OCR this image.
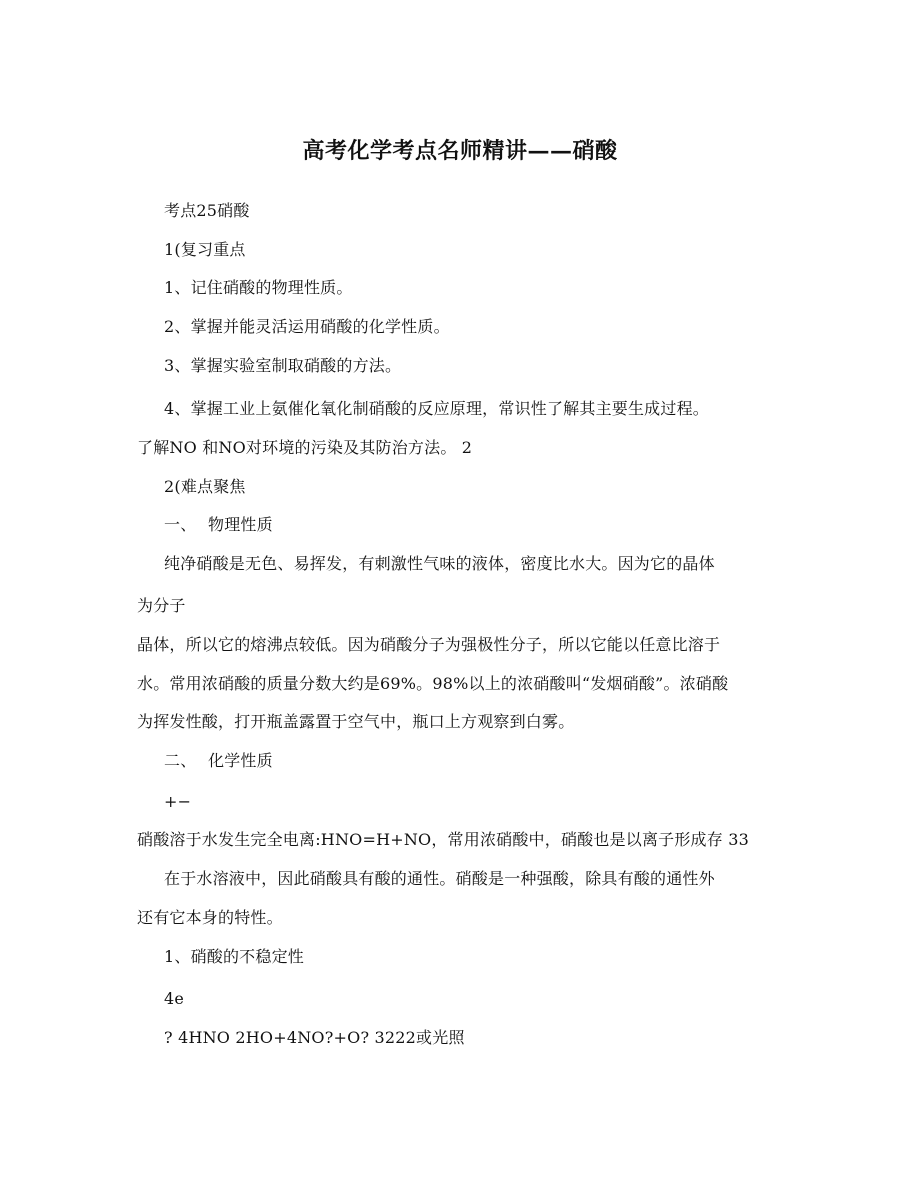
高考化学考点名师精讲——硝酸
考点25硝酸
1(复习重点
1、记住硝酸的物理性质。
2、掌握并能灵活运用硝酸的化学性质。
3、掌握实验室制取硝酸的方法。
4、掌握工业上氨催化氧化制硝酸的反应原理，常识性了解其主要生成过程。
了解NO 和NO对环境的污染及其防治方法。 2
2(难点聚焦
一、 物理性质
纯净硝酸是无色、易挥发，有刺激性气味的液体，密度比水大。因为它的晶体
为分子
晶体，所以它的熔沸点较低。因为硝酸分子为强极性分子，所以它能以任意比溶于
水。常用浓硝酸的质量分数大约是69%。98%以上的浓硝酸叫“发烟硝酸”。浓硝酸
为挥发性酸，打开瓶盖露置于空气中，瓶口上方观察到白雾。
二、 化学性质
+−
硝酸溶于水发生完全电离:HNO=H+NO，常用浓硝酸中，硝酸也是以离子形成存 33
在于水溶液中，因此硝酸具有酸的通性。硝酸是一种强酸，除具有酸的通性外
还有它本身的特性。
1、硝酸的不稳定性
4e
? 4HNO 2HO+4NO?+O? 3222或光照
